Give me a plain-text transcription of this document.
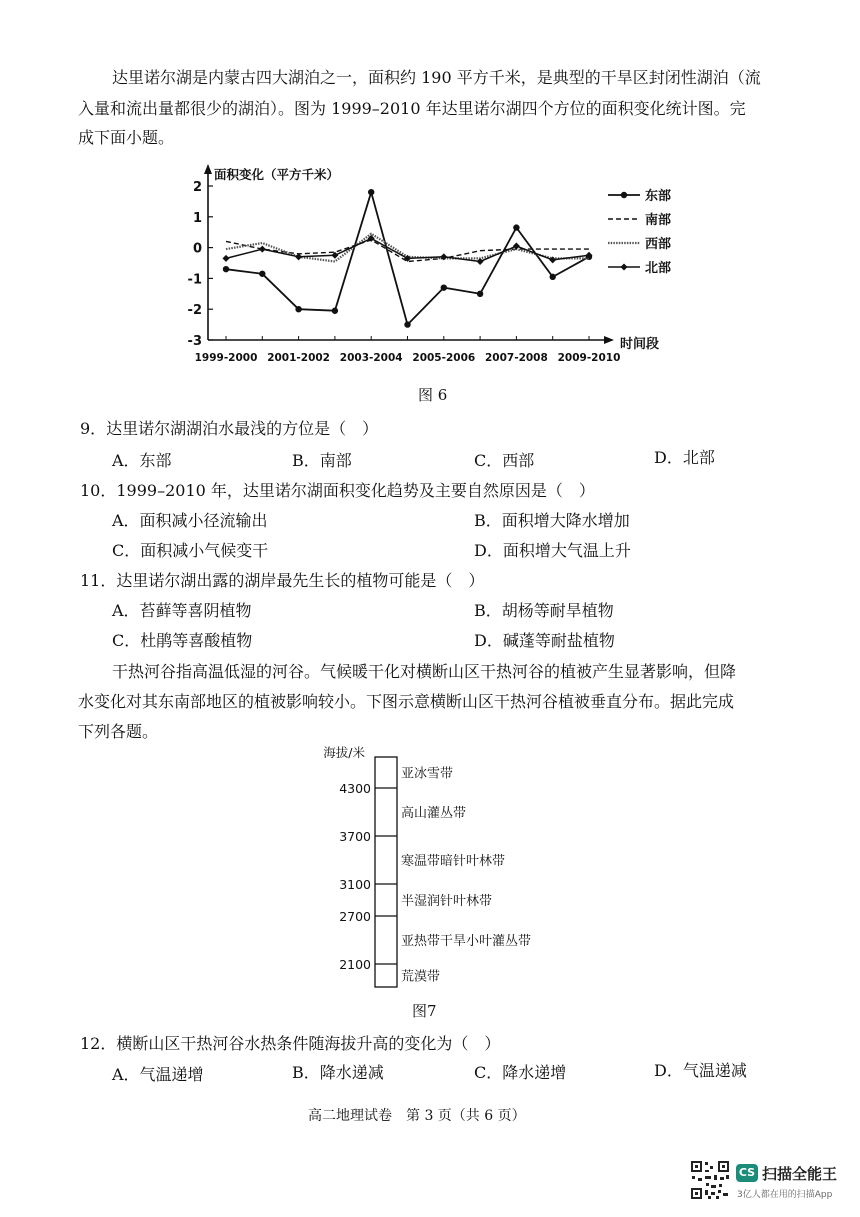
达里诺尔湖是内蒙古四大湖泊之一，面积约 190 平方千米，是典型的干旱区封闭性湖泊（流
入量和流出量都很少的湖泊）。图为 1999–2010 年达里诺尔湖四个方位的面积变化统计图。完
成下面小题。
2
1
0
-1
-2
-3
1999-2000 2001-2002 2003-2004 2005-2006 2007-2008 2009-2010
面积变化（平方千米）
时间段
东部
南部
西部
北部
图 6
9．达里诺尔湖湖泊水最浅的方位是（　）
A．东部	B．南部	C．西部	D．北部
10．1999–2010 年，达里诺尔湖面积变化趋势及主要自然原因是（　）
A．面积减小径流输出	B．面积增大降水增加
C．面积减小气候变干	D．面积增大气温上升
11．达里诺尔湖出露的湖岸最先生长的植物可能是（　）
A．苔藓等喜阴植物	B．胡杨等耐旱植物
C．杜鹃等喜酸植物	D．碱蓬等耐盐植物
干热河谷指高温低湿的河谷。气候暖干化对横断山区干热河谷的植被产生显著影响，但降
水变化对其东南部地区的植被影响较小。下图示意横断山区干热河谷植被垂直分布。据此完成
下列各题。
海拔/米
4300
3700
3100
2700
2100
亚冰雪带
高山灌丛带
寒温带暗针叶林带
半湿润针叶林带
亚热带干旱小叶灌丛带
荒漠带
图7
12．横断山区干热河谷水热条件随海拔升高的变化为（　）
A．气温递增	B．降水递减	C．降水递增	D．气温递减
高二地理试卷　第 3 页（共 6 页）
CS 扫描全能王
3亿人都在用的扫描App
